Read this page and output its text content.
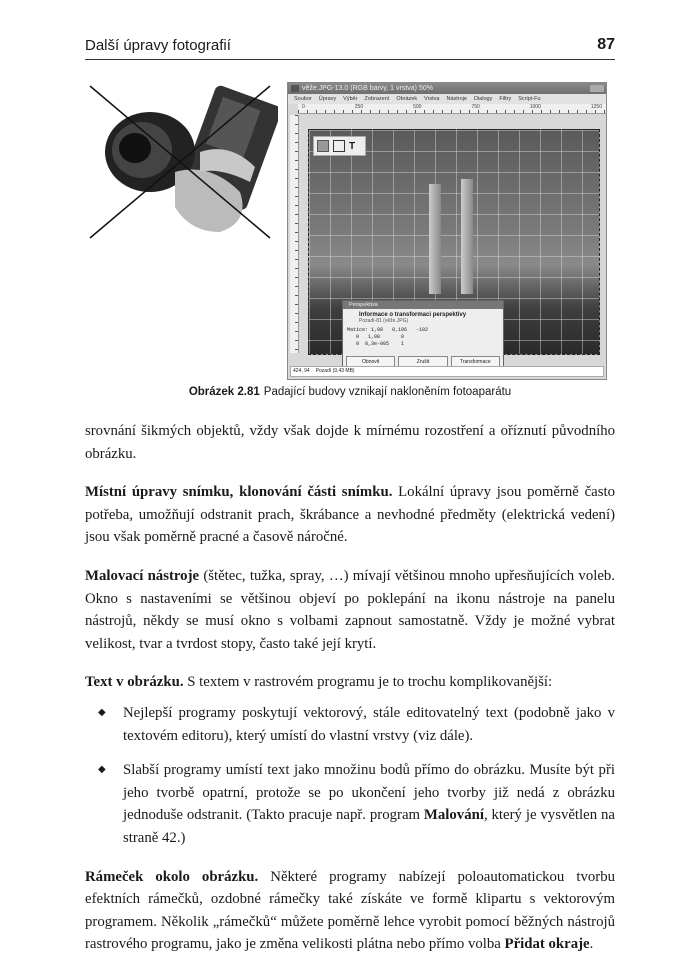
Další úpravy fotografií	87
věže.JPG-13.0 (RGB barvy, 1 vrstva) 50%
Soubor Úpravy Výběr Zobrazení Obrázek Vrstva Nástroje Dialogy Filtry Script-Fu
0	250	500	750	1000	1250
T
Perspektiva
Informace o transformaci perspektivy
Pozadí-81 (věže.JPG)
Matice: 1,08   0,106   -102
0   1,08       0
0  8,3e-005    1
Obnovit	Zrušit	Transformace
424, 94 Pozadí (9,43 MB)
Obrázek 2.81 Padající budovy vznikají nakloněním fotoaparátu

srovnání šikmých objektů, vždy však dojde k mírnému rozostření a oříznutí původního obrázku.

Místní úpravy snímku, klonování části snímku. Lokální úpravy jsou poměrně často potřeba, umožňují odstranit prach, škrábance a nevhodné předměty (elektrická vedení) jsou však poměrně pracné a časově náročné.

Malovací nástroje (štětec, tužka, spray, …) mívají většinou mnoho upřesňujících voleb. Okno s nastaveními se většinou objeví po poklepání na ikonu nástroje na panelu nástrojů, někdy se musí okno s volbami zapnout samostatně. Vždy je možné vybrat velikost, tvar a tvrdost stopy, často také její krytí.

Text v obrázku. S textem v rastrovém programu je to trochu komplikovanější:

◆ Nejlepší programy poskytují vektorový, stále editovatelný text (podobně jako v textovém editoru), který umístí do vlastní vrstvy (viz dále).
◆ Slabší programy umístí text jako množinu bodů přímo do obrázku. Musíte být při jeho tvorbě opatrní, protože se po ukončení jeho tvorby již nedá z obrázku jednoduše odstranit. (Takto pracuje např. program Malování, který je vysvětlen na straně 42.)

Rámeček okolo obrázku. Některé programy nabízejí poloautomatickou tvorbu efektních rámečků, ozdobné rámečky také získáte ve formě klipartu s vektorovým programem. Několik „rámečků“ můžete poměrně lehce vyrobit pomocí běžných nástrojů rastrového programu, jako je změna velikosti plátna nebo přímo volba Přidat okraje.
